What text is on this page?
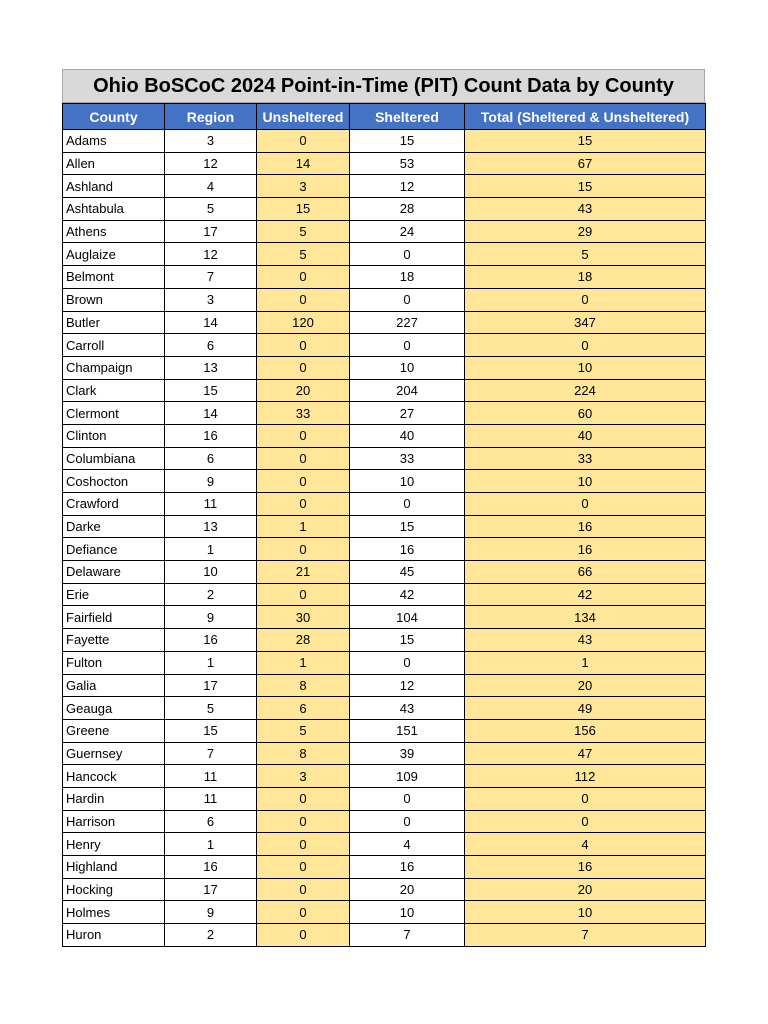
Ohio BoSCoC 2024 Point-in-Time (PIT) Count Data by County
County	Region	Unsheltered	Sheltered	Total (Sheltered & Unsheltered)
Adams	3	0	15	15
Allen	12	14	53	67
Ashland	4	3	12	15
Ashtabula	5	15	28	43
Athens	17	5	24	29
Auglaize	12	5	0	5
Belmont	7	0	18	18
Brown	3	0	0	0
Butler	14	120	227	347
Carroll	6	0	0	0
Champaign	13	0	10	10
Clark	15	20	204	224
Clermont	14	33	27	60
Clinton	16	0	40	40
Columbiana	6	0	33	33
Coshocton	9	0	10	10
Crawford	11	0	0	0
Darke	13	1	15	16
Defiance	1	0	16	16
Delaware	10	21	45	66
Erie	2	0	42	42
Fairfield	9	30	104	134
Fayette	16	28	15	43
Fulton	1	1	0	1
Galia	17	8	12	20
Geauga	5	6	43	49
Greene	15	5	151	156
Guernsey	7	8	39	47
Hancock	11	3	109	112
Hardin	11	0	0	0
Harrison	6	0	0	0
Henry	1	0	4	4
Highland	16	0	16	16
Hocking	17	0	20	20
Holmes	9	0	10	10
Huron	2	0	7	7
